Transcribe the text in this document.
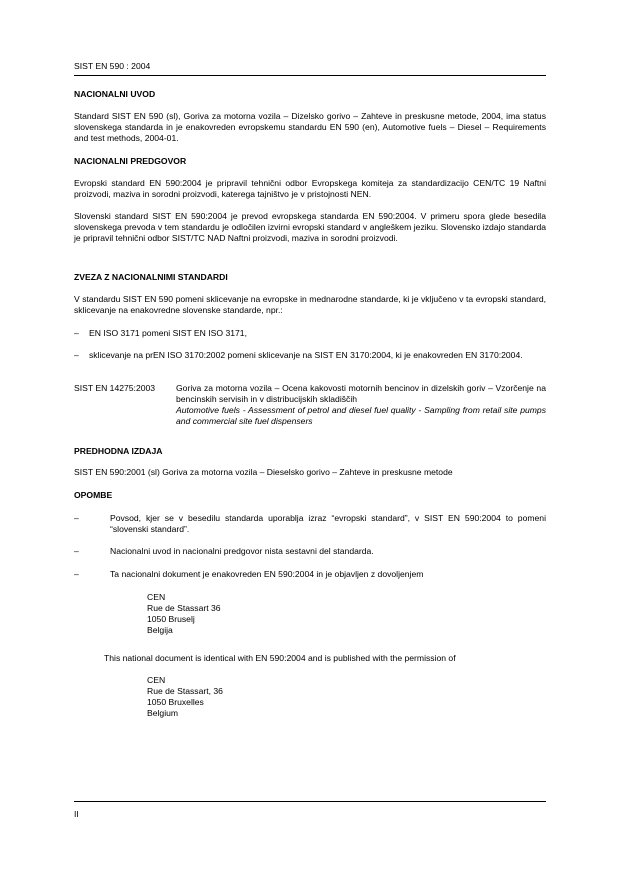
SIST EN 590 : 2004
NACIONALNI UVOD

Standard SIST EN 590 (sl), Goriva za motorna vozila – Dizelsko gorivo – Zahteve in preskusne metode, 2004, ima status slovenskega standarda in je enakovreden evropskemu standardu EN 590 (en), Automotive fuels – Diesel – Requirements and test methods, 2004-01.

NACIONALNI PREDGOVOR

Evropski standard EN 590:2004 je pripravil tehnični odbor Evropskega komiteja za standardizacijo CEN/TC 19 Naftni proizvodi, maziva in sorodni proizvodi, katerega tajništvo je v pristojnosti NEN.

Slovenski standard SIST EN 590:2004 je prevod evropskega standarda EN 590:2004. V primeru spora glede besedila slovenskega prevoda v tem standardu je odločilen izvirni evropski standard v angleškem jeziku. Slovensko izdajo standarda je pripravil tehnični odbor SIST/TC NAD Naftni proizvodi, maziva in sorodni proizvodi.

ZVEZA Z NACIONALNIMI STANDARDI

V standardu SIST EN 590 pomeni sklicevanje na evropske in mednarodne standarde, ki je vključeno v ta evropski standard, sklicevanje na enakovredne slovenske standarde, npr.:

– EN ISO 3171 pomeni SIST EN ISO 3171,
– sklicevanje na prEN ISO 3170:2002 pomeni sklicevanje na SIST EN 3170:2004, ki je enakovreden EN 3170:2004.
SIST EN 14275:2003 Goriva za motorna vozila – Ocena kakovosti motornih bencinov in dizelskih goriv – Vzorčenje na bencinskih servisih in v distribucijskih skladiščih

Automotive fuels - Assessment of petrol and diesel fuel quality - Sampling from retail site pumps and commercial site fuel dispensers

PREDHODNA IZDAJA

SIST EN 590:2001 (sl) Goriva za motorna vozila – Dieselsko gorivo – Zahteve in preskusne metode

OPOMBE
–	Povsod, kjer se v besedilu standarda uporablja izraz “evropski standard”, v SIST EN 590:2004 to pomeni “slovenski standard”.
–	Nacionalni uvod in nacionalni predgovor nista sestavni del standarda.
–	Ta nacionalni dokument je enakovreden EN 590:2004 in je objavljen z dovoljenjem
CEN
Rue de Stassart 36
1050 Bruselj
Belgija

This national document is identical with EN 590:2004 and is published with the permission of

CEN
Rue de Stassart, 36
1050 Bruxelles
Belgium
II
